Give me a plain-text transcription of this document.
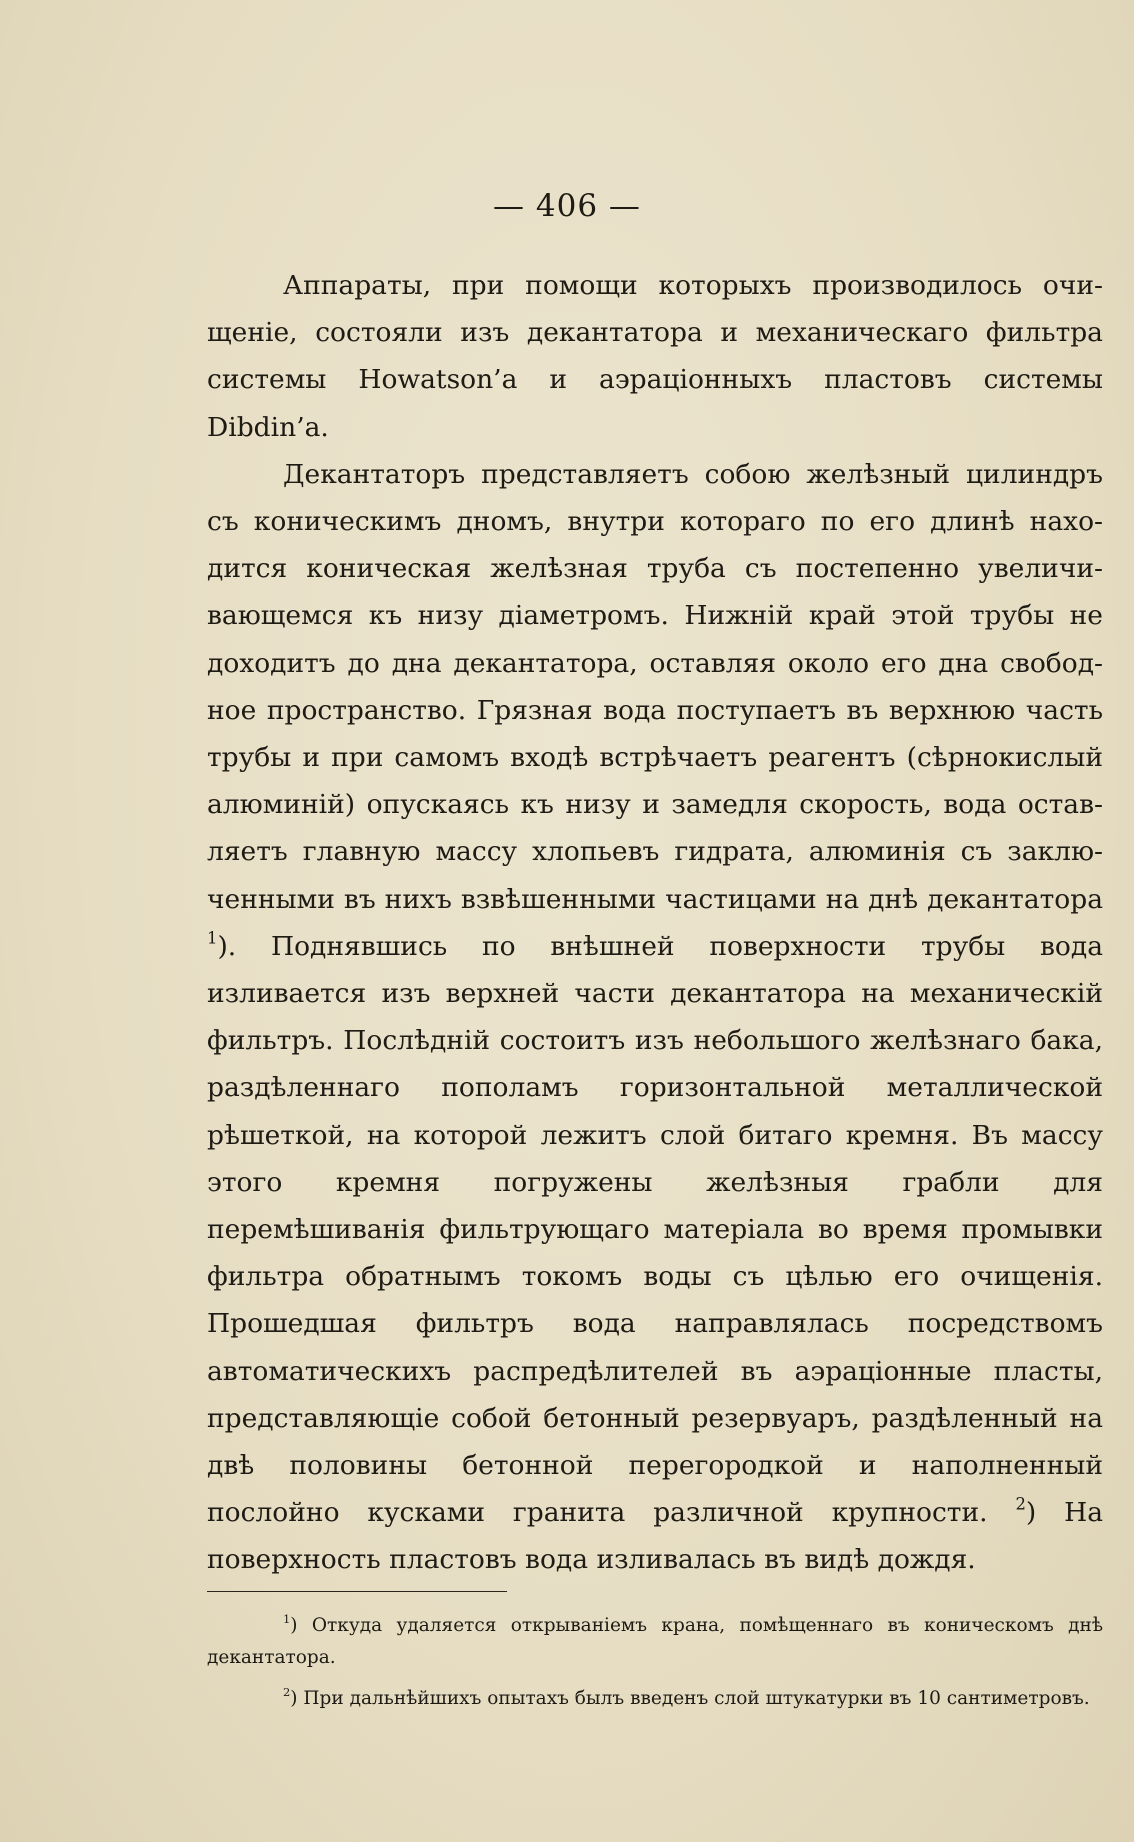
— 406 —

Аппараты, при помощи которыхъ производилось очищеніе, состояли изъ декантатора и механическаго фильтра системы Howatson’a и аэраціонныхъ пластовъ системы Dibdin’a.

Декантаторъ представляетъ собою желѣзный цилиндръ съ коническимъ дномъ, внутри котораго по его длинѣ находится коническая желѣзная труба съ постепенно увеличивающемся къ низу діаметромъ. Нижній край этой трубы не доходитъ до дна декантатора, оставляя около его дна свободное пространство. Грязная вода поступаетъ въ верхнюю часть трубы и при самомъ входѣ встрѣчаетъ реагентъ (сѣрнокислый алюминій) опускаясь къ низу и замедля скорость, вода оставляетъ главную массу хлопьевъ гидрата, алюминія съ заключенными въ нихъ взвѣшенными частицами на днѣ декантатора $^1$). Поднявшись по внѣшней поверхности трубы вода изливается изъ верхней части декантатора на механическій фильтръ. Послѣдній состоитъ изъ небольшого желѣзнаго бака, раздѣленнаго пополамъ горизонтальной металлической рѣшеткой, на которой лежитъ слой битаго кремня. Въ массу этого кремня погружены желѣзныя грабли для перемѣшиванія фильтрующаго матеріала во время промывки фильтра обратнымъ токомъ воды съ цѣлью его очищенія. Прошедшая фильтръ вода направлялась посредствомъ автоматическихъ распредѣлителей въ аэраціонные пласты, представляющіе собой бетонный резервуаръ, раздѣленный на двѣ половины бетонной перегородкой и наполненный послойно кусками гранита различной крупности. $^2$) На поверхность пластовъ вода изливалась въ видѣ дождя.

$^1$) Откуда удаляется открываніемъ крана, помѣщеннаго въ коническомъ днѣ декантатора.

$^2$) При дальнѣйшихъ опытахъ былъ введенъ слой штукатурки въ 10 сантиметровъ.
